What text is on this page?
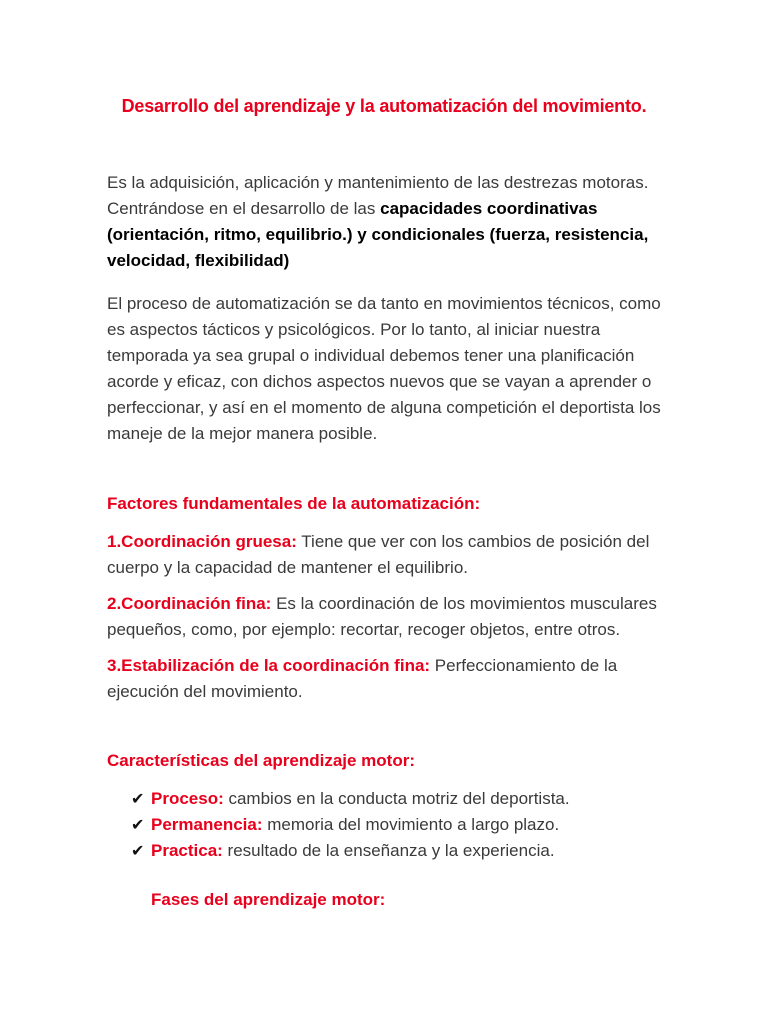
Desarrollo del aprendizaje y la automatización del movimiento.

Es la adquisición, aplicación y mantenimiento de las destrezas motoras. Centrándose en el desarrollo de las capacidades coordinativas (orientación, ritmo, equilibrio.) y condicionales (fuerza, resistencia, velocidad, flexibilidad)

El proceso de automatización se da tanto en movimientos técnicos, como es aspectos tácticos y psicológicos. Por lo tanto, al iniciar nuestra temporada ya sea grupal o individual debemos tener una planificación acorde y eficaz, con dichos aspectos nuevos que se vayan a aprender o perfeccionar, y así en el momento de alguna competición el deportista los maneje de la mejor manera posible.

Factores fundamentales de la automatización:

1.Coordinación gruesa: Tiene que ver con los cambios de posición del cuerpo y la capacidad de mantener el equilibrio.

2.Coordinación fina: Es la coordinación de los movimientos musculares pequeños, como, por ejemplo: recortar, recoger objetos, entre otros.

3.Estabilización de la coordinación fina: Perfeccionamiento de la ejecución del movimiento.

Características del aprendizaje motor:

✔ Proceso: cambios en la conducta motriz del deportista.
✔ Permanencia: memoria del movimiento a largo plazo.
✔ Practica: resultado de la enseñanza y la experiencia.

Fases del aprendizaje motor:
